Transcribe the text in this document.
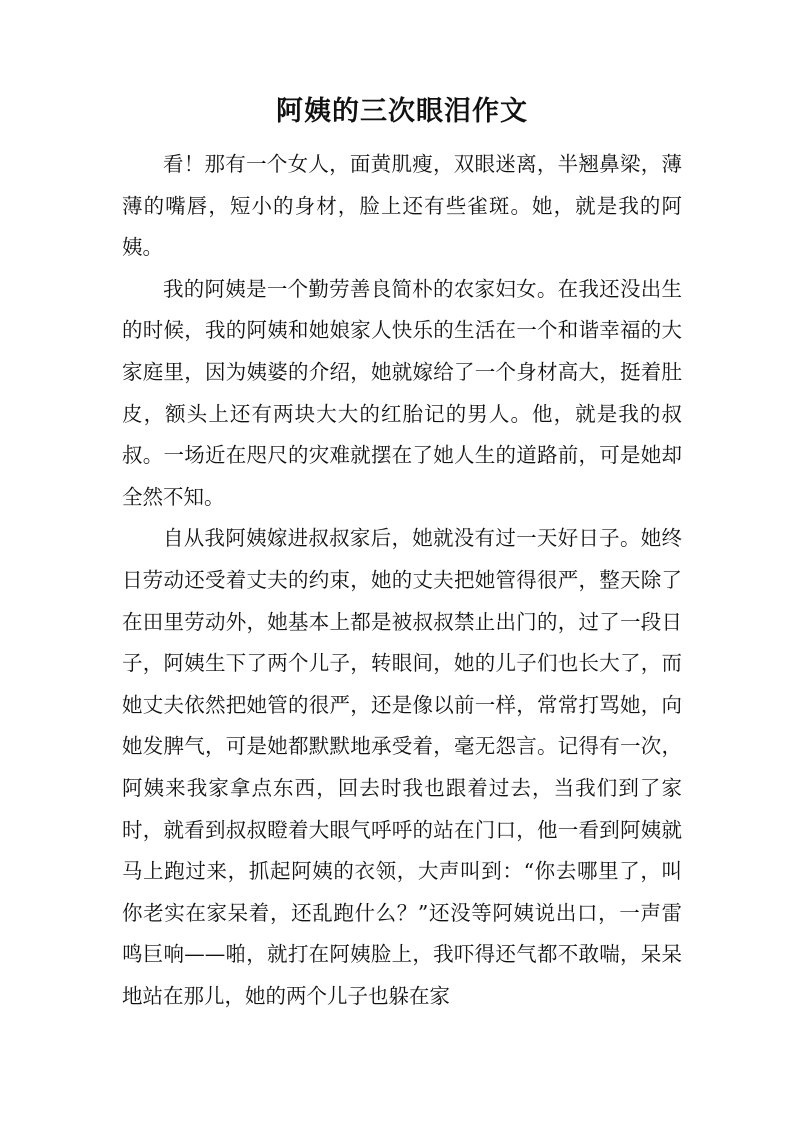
阿姨的三次眼泪作文

看！那有一个女人，面黄肌瘦，双眼迷离，半翘鼻梁，薄薄的嘴唇，短小的身材，脸上还有些雀斑。她，就是我的阿姨。

我的阿姨是一个勤劳善良简朴的农家妇女。在我还没出生的时候，我的阿姨和她娘家人快乐的生活在一个和谐幸福的大家庭里，因为姨婆的介绍，她就嫁给了一个身材高大，挺着肚皮，额头上还有两块大大的红胎记的男人。他，就是我的叔叔。一场近在咫尺的灾难就摆在了她人生的道路前，可是她却全然不知。

自从我阿姨嫁进叔叔家后，她就没有过一天好日子。她终日劳动还受着丈夫的约束，她的丈夫把她管得很严，整天除了在田里劳动外，她基本上都是被叔叔禁止出门的，过了一段日子，阿姨生下了两个儿子，转眼间，她的儿子们也长大了，而她丈夫依然把她管的很严，还是像以前一样，常常打骂她，向她发脾气，可是她都默默地承受着，毫无怨言。记得有一次，阿姨来我家拿点东西，回去时我也跟着过去，当我们到了家时，就看到叔叔瞪着大眼气呼呼的站在门口，他一看到阿姨就马上跑过来，抓起阿姨的衣领，大声叫到：“你去哪里了，叫你老实在家呆着，还乱跑什么？”还没等阿姨说出口，一声雷鸣巨响——啪，就打在阿姨脸上，我吓得还气都不敢喘，呆呆地站在那儿，她的两个儿子也躲在家
